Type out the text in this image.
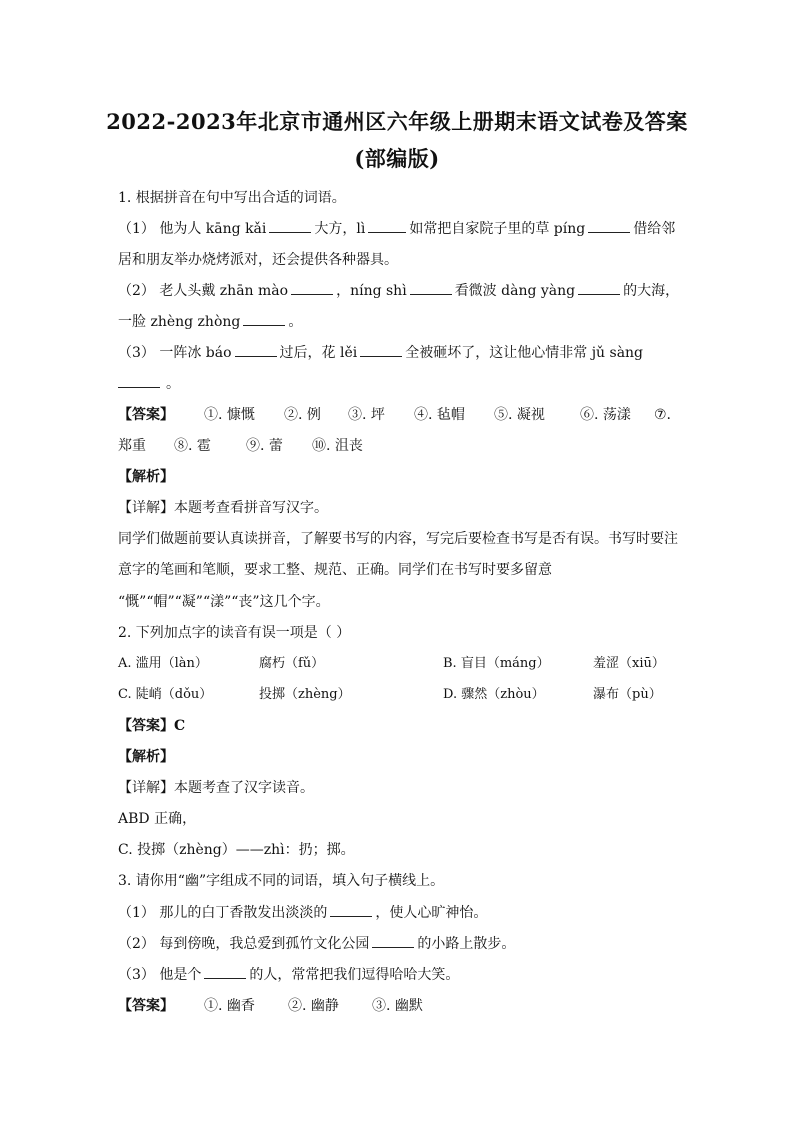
2022-2023年北京市通州区六年级上册期末语文试卷及答案
(部编版)
1. 根据拼音在句中写出合适的词语。
（1） 他为人 kāng kǎi	大方，lì	如常把自家院子里的草 píng	借给邻
居和朋友举办烧烤派对，还会提供各种器具。
（2） 老人头戴 zhān mào	，níng shì	看微波 dàng yàng	的大海，
一脸 zhèng zhòng	。
（3） 一阵冰 báo	过后，花 lěi	全被砸坏了，这让他心情非常 jǔ sàng
。
【答案】 ①. 慷慨 ②. 例 ③. 坪 ④. 毡帽 ⑤. 凝视	⑥. 荡漾 ⑦.
郑重 ⑧. 雹	⑨. 蕾 ⑩. 沮丧
【解析】
【详解】本题考查看拼音写汉字。
同学们做题前要认真读拼音，了解要书写的内容，写完后要检查书写是否有误。书写时要注
意字的笔画和笔顺，要求工整、规范、正确。同学们在书写时要多留意
“慨”“帽”“凝”“漾”“丧”这几个字。
2. 下列加点字的读音有误一项是（ ）
A. 滥用（làn）	腐朽（fǔ）	B. 盲目（máng）	羞涩（xiū）
C. 陡峭（dǒu）	投掷（zhèng）	D. 骤然（zhòu）	瀑布（pù）
【答案】C
【解析】
【详解】本题考查了汉字读音。
ABD 正确，
C. 投掷（zhèng）——zhì：扔；掷。
3. 请你用“幽”字组成不同的词语，填入句子横线上。
（1） 那儿的白丁香散发出淡淡的	，使人心旷神怡。
（2） 每到傍晚，我总爱到孤竹文化公园	的小路上散步。
（3） 他是个	的人，常常把我们逗得哈哈大笑。
【答案】 ①. 幽香 ②. 幽静 ③. 幽默
